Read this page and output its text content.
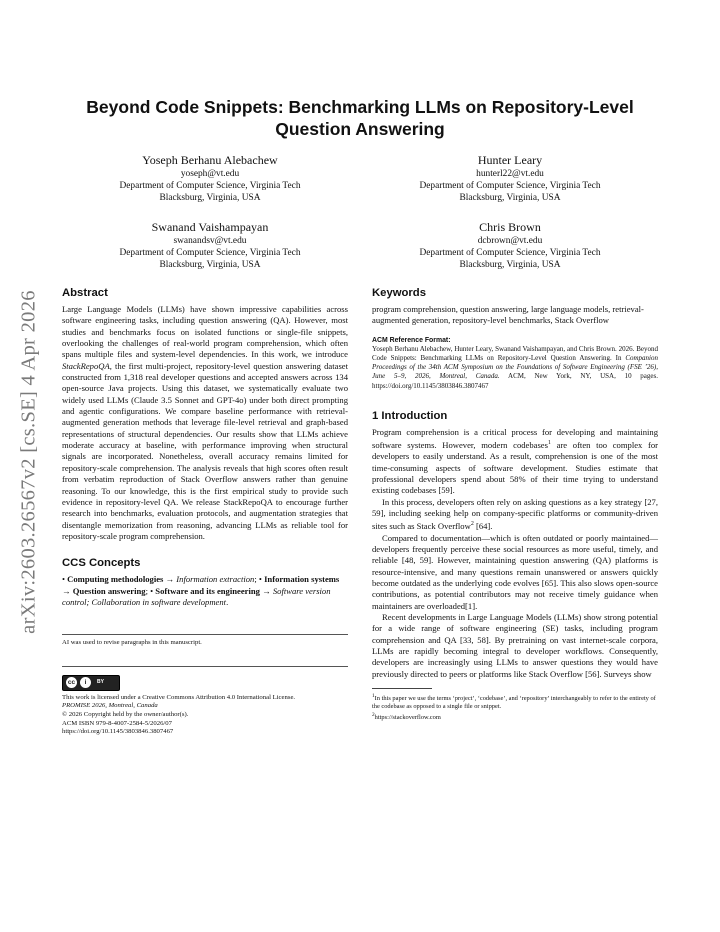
arXiv:2603.26567v2 [cs.SE] 4 Apr 2026
Beyond Code Snippets: Benchmarking LLMs on Repository-Level Question Answering
Yoseph Berhanu Alebachew
yoseph@vt.edu
Department of Computer Science, Virginia Tech
Blacksburg, Virginia, USA
Hunter Leary
hunterl22@vt.edu
Department of Computer Science, Virginia Tech
Blacksburg, Virginia, USA
Swanand Vaishampayan
swanandsv@vt.edu
Department of Computer Science, Virginia Tech
Blacksburg, Virginia, USA
Chris Brown
dcbrown@vt.edu
Department of Computer Science, Virginia Tech
Blacksburg, Virginia, USA
Abstract

Large Language Models (LLMs) have shown impressive capabilities across software engineering tasks, including question answering (QA). However, most studies and benchmarks focus on isolated functions or single-file snippets, overlooking the challenges of real-world program comprehension, which often spans multiple files and system-level dependencies. In this work, we introduce StackRepoQA, the first multi-project, repository-level question answering dataset constructed from 1,318 real developer questions and accepted answers across 134 open-source Java projects. Using this dataset, we systematically evaluate two widely used LLMs (Claude 3.5 Sonnet and GPT-4o) under both direct prompting and agentic configurations. We compare baseline performance with retrieval-augmented generation methods that leverage file-level retrieval and graph-based representations of structural dependencies. Our results show that LLMs achieve moderate accuracy at baseline, with performance improving when structural signals are incorporated. Nonetheless, overall accuracy remains limited for repository-scale comprehension. The analysis reveals that high scores often result from verbatim reproduction of Stack Overflow answers rather than genuine reasoning. To our knowledge, this is the first empirical study to provide such evidence in repository-level QA. We release StackRepoQA to encourage further research into benchmarks, evaluation protocols, and augmentation strategies that disentangle memorization from reasoning, advancing LLMs as reliable tool for repository-scale program comprehension.

CCS Concepts

• Computing methodologies → Information extraction; • Information systems → Question answering; • Software and its engineering → Software version control; Collaboration in software development.

AI was used to revise paragraphs in this manuscript.

cc	i	BY

This work is licensed under a Creative Commons Attribution 4.0 International License.

PROMISE 2026, Montreal, Canada

© 2026 Copyright held by the owner/author(s).

ACM ISBN 979-8-4007-2584-5/2026/07

https://doi.org/10.1145/3803846.3807467

Keywords

program comprehension, question answering, large language models, retrieval-augmented generation, repository-level benchmarks, Stack Overflow

ACM Reference Format:

Yoseph Berhanu Alebachew, Hunter Leary, Swanand Vaishampayan, and Chris Brown. 2026. Beyond Code Snippets: Benchmarking LLMs on Repository-Level Question Answering. In Companion Proceedings of the 34th ACM Symposium on the Foundations of Software Engineering (FSE ’26), June 5–9, 2026, Montreal, Canada. ACM, New York, NY, USA, 10 pages. https://doi.org/10.1145/3803846.3807467

1 Introduction

Program comprehension is a critical process for developing and maintaining software systems. However, modern codebases$^1$ are often too complex for developers to easily understand. As a result, comprehension is one of the most time-consuming aspects of software development. Studies estimate that professional developers spend about 58% of their time trying to understand existing codebases [59].

In this process, developers often rely on asking questions as a key strategy [27, 59], including seeking help on company-specific platforms or community-driven sites such as Stack Overflow$^2$ [64].

Compared to documentation—which is often outdated or poorly maintained—developers frequently perceive these social resources as more useful, timely, and reliable [48, 59]. However, maintaining question answering (QA) platforms is resource-intensive, and many questions remain unanswered or answers quickly become outdated as the underlying code evolves [65]. This also slows open-source contributions, as potential contributors may not receive timely guidance when maintainers are overloaded[1].

Recent developments in Large Language Models (LLMs) show strong potential for a wide range of software engineering (SE) tasks, including program comprehension and QA [33, 58]. By pretraining on vast internet-scale corpora, LLMs are rapidly becoming integral to developer workflows. Consequently, developers are increasingly using LLMs to answer questions they would have previously directed to peers or platforms like Stack Overflow [56]. Surveys show

$^1$In this paper we use the terms ‘project’, ‘codebase’, and ‘repository’ interchangeably to refer to the entirety of the codebase as opposed to a single file or snippet.

$^2$https://stackoverflow.com
